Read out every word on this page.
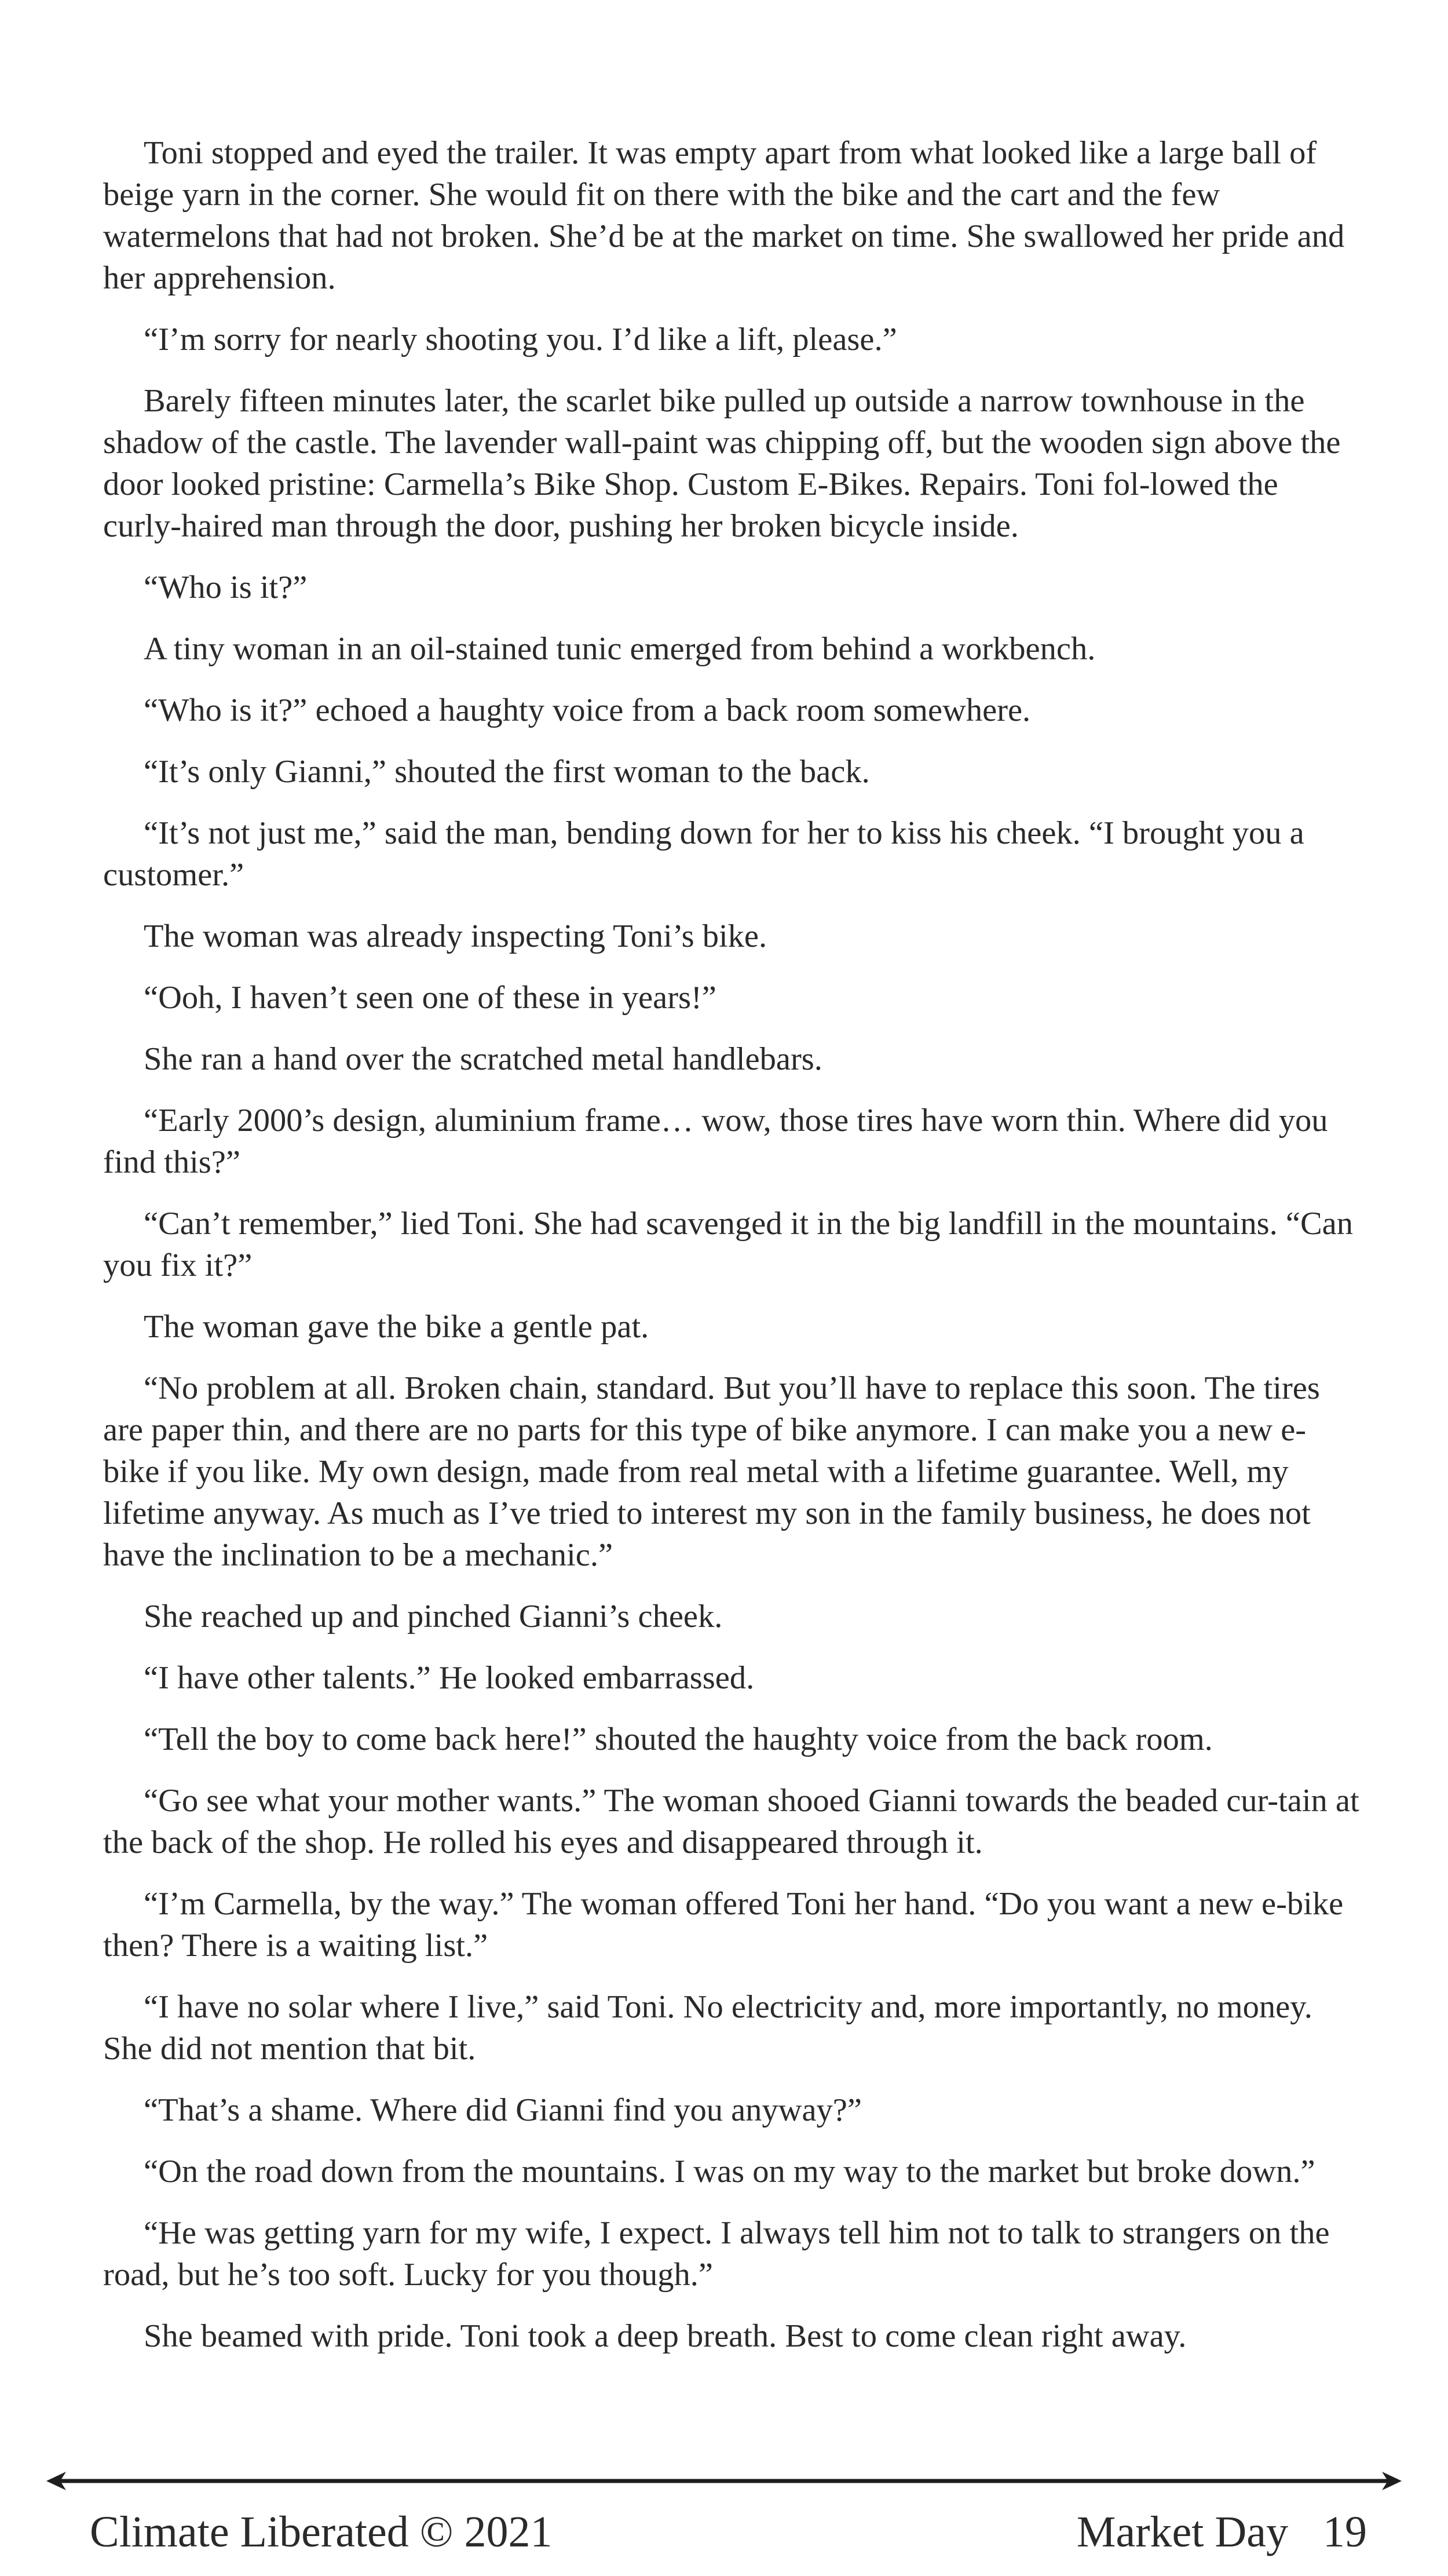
Toni stopped and eyed the trailer. It was empty apart from what looked like a large ball of beige yarn in the corner. She would fit on there with the bike and the cart and the few watermelons that had not broken. She’d be at the market on time. She swallowed her pride and her apprehension.

“I’m sorry for nearly shooting you. I’d like a lift, please.”

Barely fifteen minutes later, the scarlet bike pulled up outside a narrow townhouse in the shadow of the castle. The lavender wall-paint was chipping off, but the wooden sign above the door looked pristine: Carmella’s Bike Shop. Custom E-Bikes. Repairs. Toni fol-lowed the curly-haired man through the door, pushing her broken bicycle inside.

“Who is it?”

A tiny woman in an oil-stained tunic emerged from behind a workbench.

“Who is it?” echoed a haughty voice from a back room somewhere.

“It’s only Gianni,” shouted the first woman to the back.

“It’s not just me,” said the man, bending down for her to kiss his cheek. “I brought you a customer.”

The woman was already inspecting Toni’s bike.

“Ooh, I haven’t seen one of these in years!”

She ran a hand over the scratched metal handlebars.

“Early 2000’s design, aluminium frame… wow, those tires have worn thin. Where did you find this?”

“Can’t remember,” lied Toni. She had scavenged it in the big landfill in the mountains. “Can you fix it?”

The woman gave the bike a gentle pat.

“No problem at all. Broken chain, standard. But you’ll have to replace this soon. The tires are paper thin, and there are no parts for this type of bike anymore. I can make you a new e-bike if you like. My own design, made from real metal with a lifetime guarantee. Well, my lifetime anyway. As much as I’ve tried to interest my son in the family business, he does not have the inclination to be a mechanic.”

She reached up and pinched Gianni’s cheek.

“I have other talents.” He looked embarrassed.

“Tell the boy to come back here!” shouted the haughty voice from the back room.

“Go see what your mother wants.” The woman shooed Gianni towards the beaded cur-tain at the back of the shop. He rolled his eyes and disappeared through it.

“I’m Carmella, by the way.” The woman offered Toni her hand. “Do you want a new e-bike then? There is a waiting list.”

“I have no solar where I live,” said Toni. No electricity and, more importantly, no money. She did not mention that bit.

“That’s a shame. Where did Gianni find you anyway?”

“On the road down from the mountains. I was on my way to the market but broke down.”

“He was getting yarn for my wife, I expect. I always tell him not to talk to strangers on the road, but he’s too soft. Lucky for you though.”

She beamed with pride. Toni took a deep breath. Best to come clean right away.

Climate Liberated © 2021	Market Day 19
